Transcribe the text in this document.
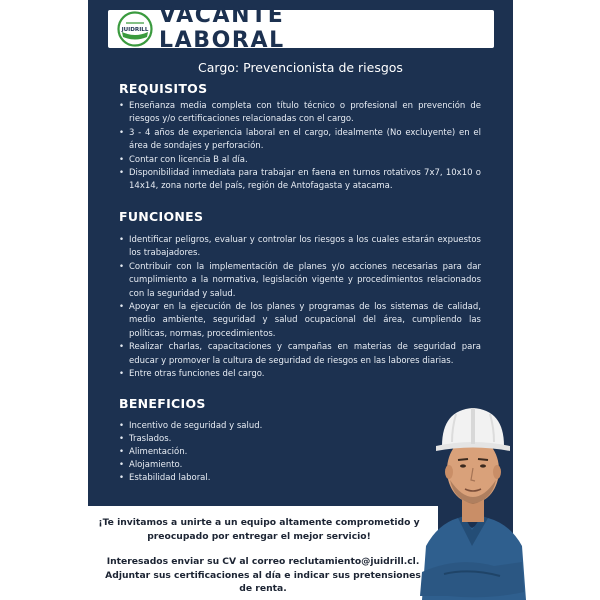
JUIDRILL
VACANTE LABORAL
Cargo: Prevencionista de riesgos
REQUISITOS
• Enseñanza media completa con título técnico o profesional en prevención de riesgos y/o certificaciones relacionadas con el cargo.
• 3 - 4 años de experiencia laboral en el cargo, idealmente (No excluyente) en el área de sondajes y perforación.
• Contar con licencia B al día.
• Disponibilidad inmediata para trabajar en faena en turnos rotativos 7x7, 10x10 o 14x14, zona norte del país, región de Antofagasta y atacama.
FUNCIONES
• Identificar peligros, evaluar y controlar los riesgos a los cuales estarán expuestos los trabajadores.
• Contribuir con la implementación de planes y/o acciones necesarias para dar cumplimiento a la normativa, legislación vigente y procedimientos relacionados con la seguridad y salud.
• Apoyar en la ejecución de los planes y programas de los sistemas de calidad, medio ambiente, seguridad y salud ocupacional del área, cumpliendo las políticas, normas, procedimientos.
• Realizar charlas, capacitaciones y campañas en materias de seguridad para educar y promover la cultura de seguridad de riesgos en las labores diarias.
• Entre otras funciones del cargo.
BENEFICIOS
• Incentivo de seguridad y salud.
• Traslados.
• Alimentación.
• Alojamiento.
• Estabilidad laboral.
¡Te invitamos a unirte a un equipo altamente comprometido y
preocupado por entregar el mejor servicio!
Interesados enviar su CV al correo reclutamiento@juidrill.cl.
Adjuntar sus certificaciones al día e indicar sus pretensiones
de renta.
